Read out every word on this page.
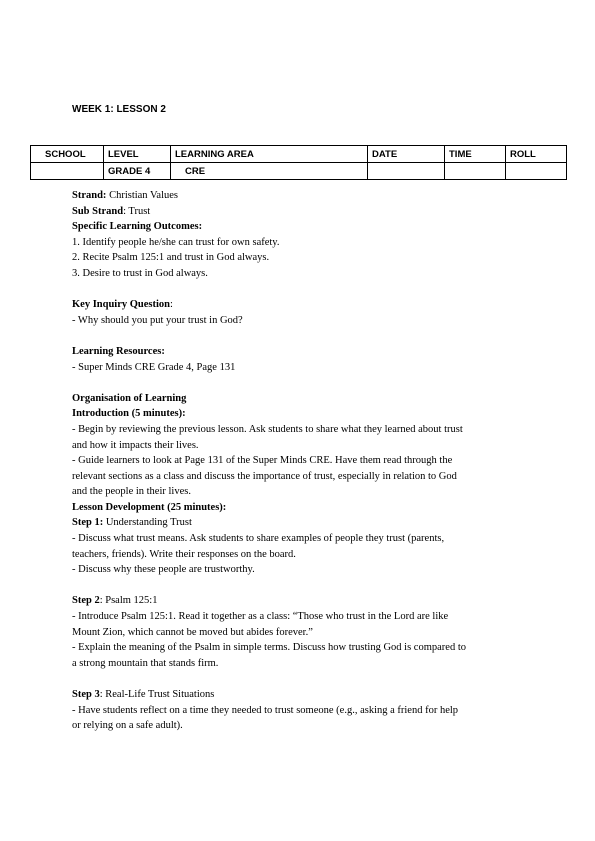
WEEK 1: LESSON 2
SCHOOL	LEVEL	LEARNING AREA	DATE	TIME	ROLL
	GRADE 4	CRE			

Strand: Christian Values

Sub Strand: Trust

Specific Learning Outcomes:

1. Identify people he/she can trust for own safety.

2. Recite Psalm 125:1 and trust in God always.

3. Desire to trust in God always.

Key Inquiry Question:

- Why should you put your trust in God?

Learning Resources:

- Super Minds CRE Grade 4, Page 131

Organisation of Learning

Introduction (5 minutes):

- Begin by reviewing the previous lesson. Ask students to share what they learned about trust

and how it impacts their lives.

- Guide learners to look at Page 131 of the Super Minds CRE. Have them read through the

relevant sections as a class and discuss the importance of trust, especially in relation to God

and the people in their lives.

Lesson Development (25 minutes):

Step 1: Understanding Trust

- Discuss what trust means. Ask students to share examples of people they trust (parents,

teachers, friends). Write their responses on the board.

- Discuss why these people are trustworthy.

Step 2: Psalm 125:1

- Introduce Psalm 125:1. Read it together as a class: “Those who trust in the Lord are like

Mount Zion, which cannot be moved but abides forever.”

- Explain the meaning of the Psalm in simple terms. Discuss how trusting God is compared to

a strong mountain that stands firm.

Step 3: Real-Life Trust Situations

- Have students reflect on a time they needed to trust someone (e.g., asking a friend for help

or relying on a safe adult).
